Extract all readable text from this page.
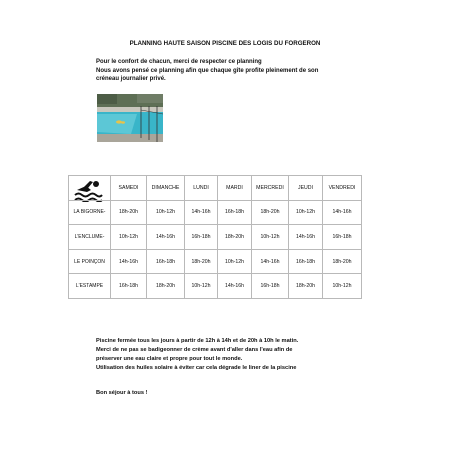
PLANNING HAUTE SAISON PISCINE DES LOGIS DU FORGERON
Pour le confort de chacun, merci de respecter ce planning
Nous avons pensé ce planning afin que chaque gîte profite pleinement de son
créneau journalier privé.
	SAMEDI	DIMANCHE	LUNDI	MARDI	MERCREDI	JEUDI	VENDREDI
LA BIGORNE-	18h-20h	10h-12h	14h-16h	16h-18h	18h-20h	10h-12h	14h-16h
L'ENCLUME-	10h-12h	14h-16h	16h-18h	18h-20h	10h-12h	14h-16h	16h-18h
LE POINÇON	14h-16h	16h-18h	18h-20h	10h-12h	14h-16h	16h-18h	18h-20h
L'ESTAMPE	16h-18h	18h-20h	10h-12h	14h-16h	16h-18h	18h-20h	10h-12h
Piscine fermée tous les jours à partir de 12h à 14h et de 20h à 10h le matin.
Merci de ne pas se badigeonner de crème avant d'aller dans l'eau afin de
préserver une eau claire et propre pour tout le monde.
Utilisation des huiles solaire à éviter car cela dégrade le liner de la piscine
Bon séjour à tous !
